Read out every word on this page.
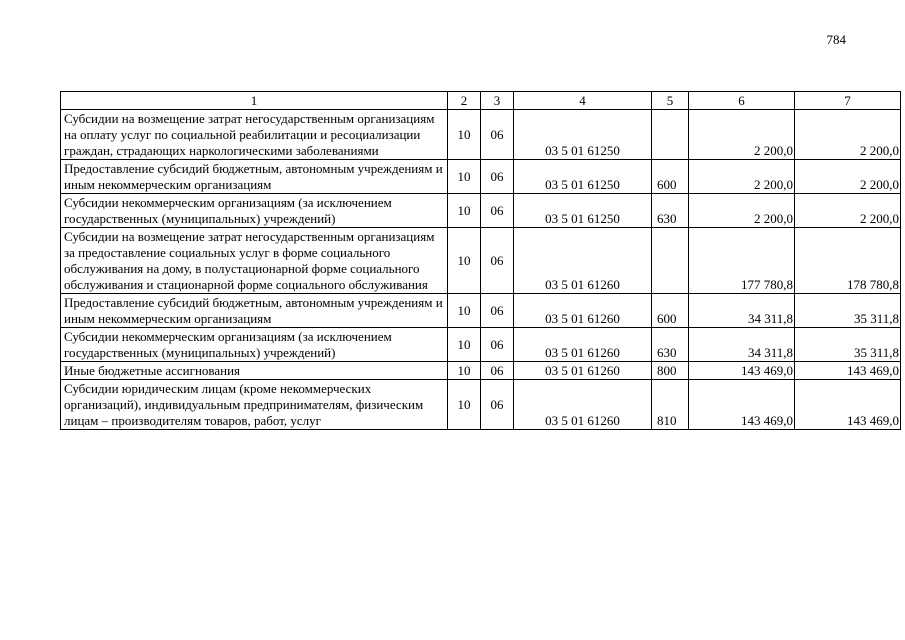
784
1	2	3	4	5	6	7
Субсидии на возмещение затрат негосударственным организациям на оплату услуг по социальной реабилитации и ресоциализации граждан, страдающих наркологическими заболеваниями	10	06	03 5 01 61250		2 200,0	2 200,0
Предоставление субсидий бюджетным, автономным учреждениям и иным некоммерческим организациям	10	06	03 5 01 61250	600	2 200,0	2 200,0
Субсидии некоммерческим организациям (за исключением государственных (муниципальных) учреждений)	10	06	03 5 01 61250	630	2 200,0	2 200,0
Субсидии на возмещение затрат негосударственным организациям за предоставление социальных услуг в форме социального обслуживания на дому, в полустационарной форме социального обслуживания и стационарной форме социального обслуживания	10	06	03 5 01 61260		177 780,8	178 780,8
Предоставление субсидий бюджетным, автономным учреждениям и иным некоммерческим организациям	10	06	03 5 01 61260	600	34 311,8	35 311,8
Субсидии некоммерческим организациям (за исключением государственных (муниципальных) учреждений)	10	06	03 5 01 61260	630	34 311,8	35 311,8
Иные бюджетные ассигнования	10	06	03 5 01 61260	800	143 469,0	143 469,0
Субсидии юридическим лицам (кроме некоммерческих организаций), индивидуальным предпринимателям, физическим лицам – производителям товаров, работ, услуг	10	06	03 5 01 61260	810	143 469,0	143 469,0
